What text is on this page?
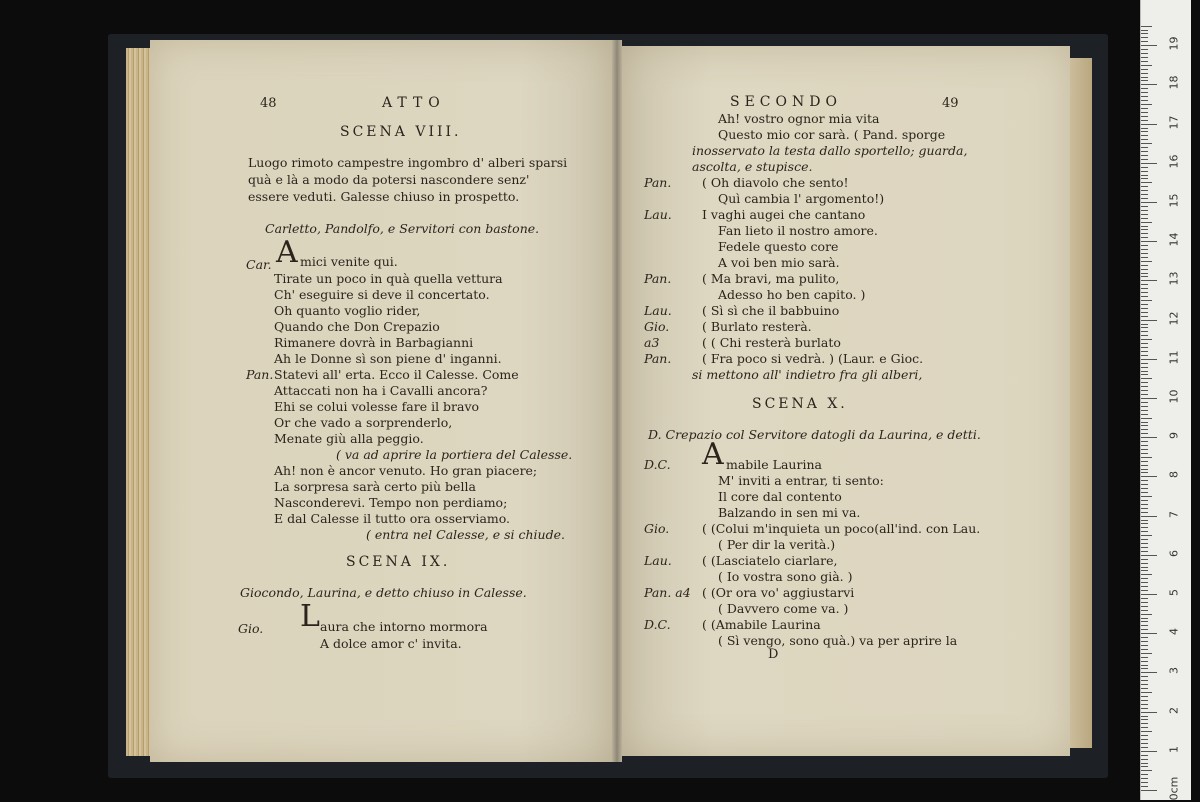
48	ATTO
SCENA VIII.
Luogo rimoto campestre ingombro d' alberi sparsi
quà e là a modo da potersi nascondere senz'
essere veduti. Galesse chiuso in prospetto.
Carletto, Pandolfo, e Servitori con bastone.
Car. A mici venite qui.
Tirate un poco in quà quella vettura
Ch' eseguire si deve il concertato.
Oh quanto voglio rider,
Quando che Don Crepazio
Rimanere dovrà in Barbagianni
Ah le Donne sì son piene d' inganni.
Pan. Statevi all' erta. Ecco il Calesse. Come
Attaccati non ha i Cavalli ancora?
Ehi se colui volesse fare il bravo
Or che vado a sorprenderlo,
Menate giù alla peggio.
( va ad aprire la portiera del Calesse.
Ah! non è ancor venuto. Ho gran piacere;
La sorpresa sarà certo più bella
Nasconderevi. Tempo non perdiamo;
E dal Calesse il tutto ora osserviamo.
( entra nel Calesse, e si chiude.
SCENA IX.
Giocondo, Laurina, e detto chiuso in Calesse.
Gio. L aura che intorno mormora
A dolce amor c' invita.
SECONDO	49
Ah! vostro ognor mia vita
Questo mio cor sarà. ( Pand. sporge
inosservato la testa dallo sportello; guarda,
ascolta, e stupisce.
Pan. ( Oh diavolo che sento!
Quì cambia l' argomento!)
Lau. I vaghi augei che cantano
Fan lieto il nostro amore.
Fedele questo core
A voi ben mio sarà.
Pan. ( Ma bravi, ma pulito,
Adesso ho ben capito. )
Lau. ( Sì sì che il babbuino
Gio.	( Burlato resterà.
a3	( ( Chi resterà burlato
Pan. ( Fra poco si vedrà. ) (Laur. e Gioc.
si mettono all' indietro fra gli alberi,
SCENA X.
D. Crepazio col Servitore datogli da Laurina, e detti.
D.C. A mabile Laurina
M' inviti a entrar, ti sento:
Il core dal contento
Balzando in sen mi va.
Gio.	( (Colui m'inquieta un poco(all'ind. con Lau.
( Per dir la verità.)
Lau. ( (Lasciatelo ciarlare,
( Io vostra sono già. )
Pan. a4 ( (Or ora vo' aggiustarvi
( Davvero come va. )
D.C.	( (Amabile Laurina
( Sì vengo, sono quà.) va per aprire la
D
0cm
1
2
3
4
5
6
7
8
9
10
11
12
13
14
15
16
17
18
19
